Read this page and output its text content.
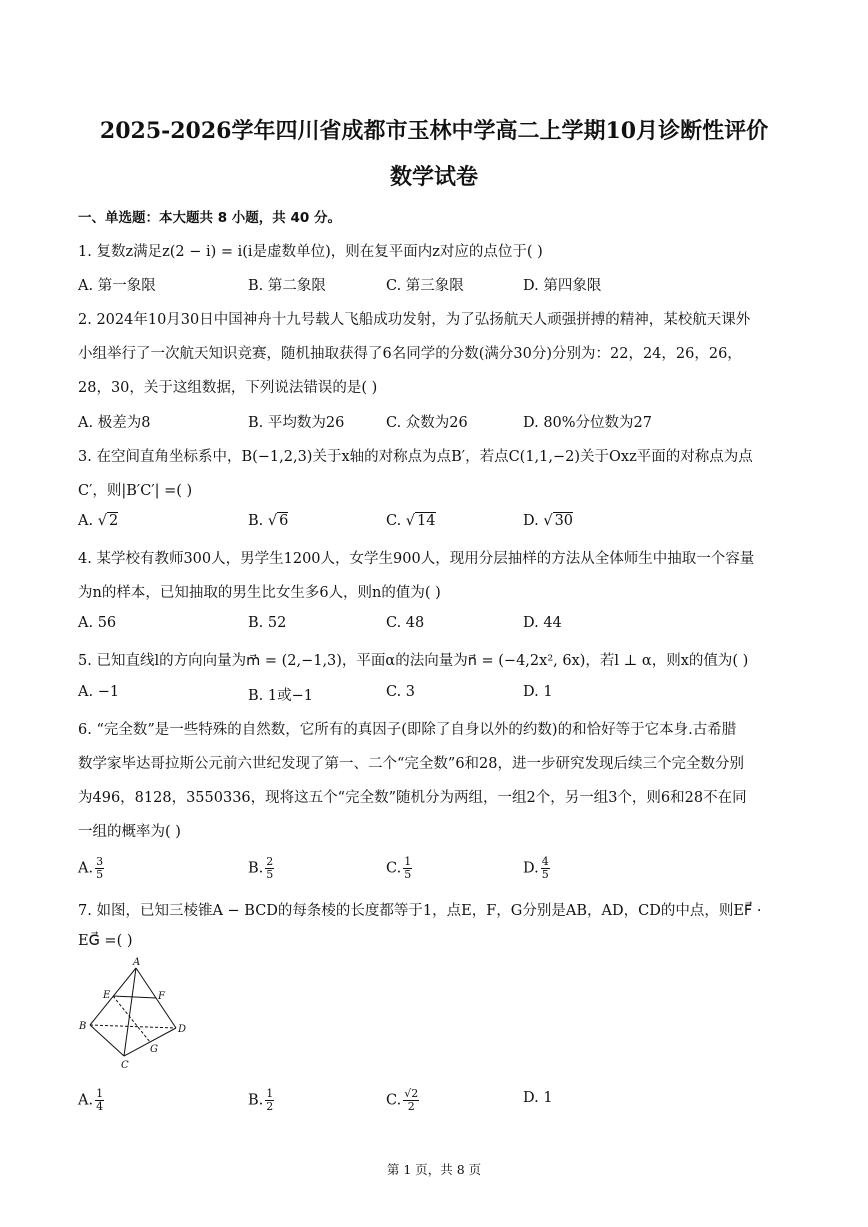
2025-2026学年四川省成都市玉林中学高二上学期10月诊断性评价
数学试卷
一、单选题：本大题共 8 小题，共 40 分。
1. 复数z满足z(2 − i) = i(i是虚数单位)，则在复平面内z对应的点位于( )
A. 第一象限	B. 第二象限	C. 第三象限	D. 第四象限
2. 2024年10月30日中国神舟十九号载人飞船成功发射，为了弘扬航天人顽强拼搏的精神，某校航天课外
小组举行了一次航天知识竞赛，随机抽取获得了6名同学的分数(满分30分)分别为：22，24，26，26，
28，30，关于这组数据，下列说法错误的是( )
A. 极差为8	B. 平均数为26	C. 众数为26	D. 80%分位数为27
3. 在空间直角坐标系中，B(−1,2,3)关于x轴的对称点为点B′，若点C(1,1,−2)关于Oxz平面的对称点为点
C′，则|B′C′| =( )
A. √ 2	B. √ 6	C. √ 14	D. √ 30
4. 某学校有教师300人，男学生1200人，女学生900人，现用分层抽样的方法从全体师生中抽取一个容量
为n的样本，已知抽取的男生比女生多6人，则n的值为( )
A. 56	B. 52	C. 48	D. 44
5. 已知直线l的方向向量为m⃗ = (2,−1,3)，平面α的法向量为n⃗ = (−4,2x², 6x)，若l ⊥ α，则x的值为( )
A. −1	B. 1或−1	C. 3	D. 1
6. “完全数”是一些特殊的自然数，它所有的真因子(即除了自身以外的约数)的和恰好等于它本身.古希腊
数学家毕达哥拉斯公元前六世纪发现了第一、二个“完全数”6和28，进一步研究发现后续三个完全数分别
为496，8128，3550336，现将这五个“完全数”随机分为两组，一组2个，另一组3个，则6和28不在同
一组的概率为( )
A. $\frac{3}{5}$	B. $\frac{2}{5}$	C. $\frac{1}{5}$	D. $\frac{4}{5}$
7. 如图，已知三棱锥A − BCD的每条棱的长度都等于1，点E，F，G分别是AB，AD，CD的中点，则EF⃗ ·
EG⃗ =( )
A
B
C
D
E	F
G
A. $\frac{1}{4}$	B. $\frac{1}{2}$	C. $\frac{√2}{2}$	D. 1
第 1 页，共 8 页
